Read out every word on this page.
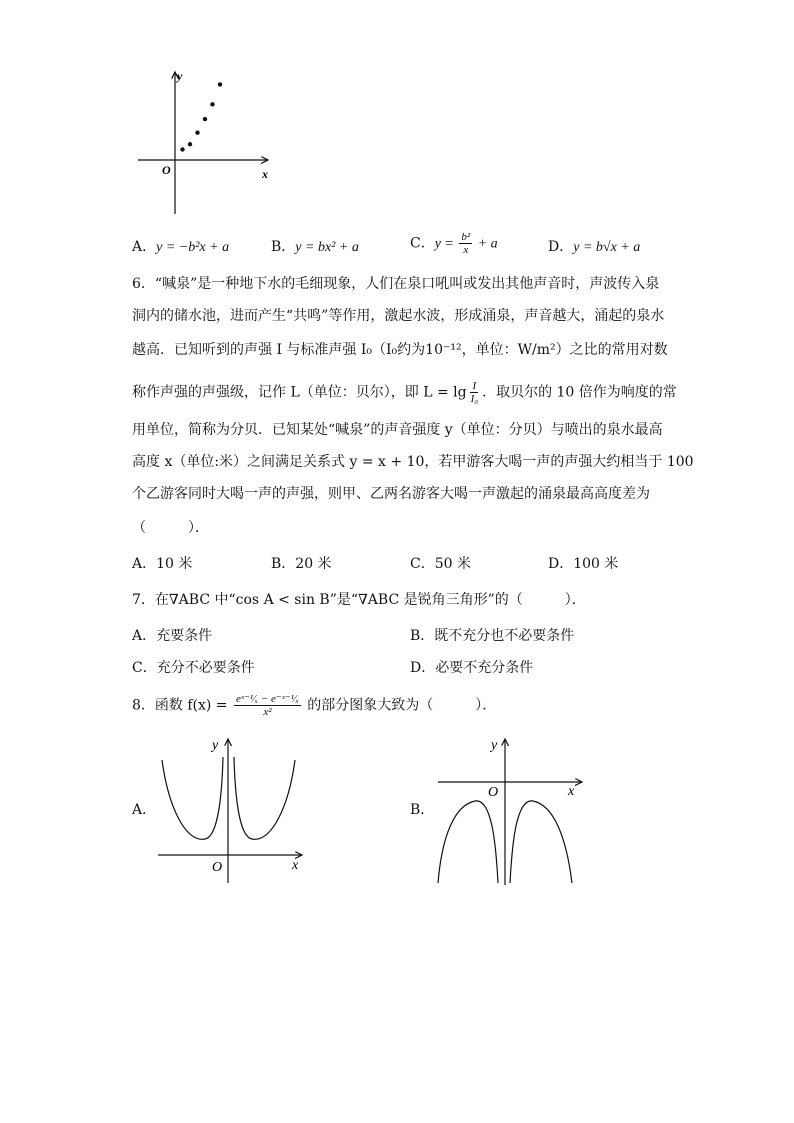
y
x
O
A．y = −b²x + a	B．y = bx² + a	C．$y = \frac{\text{b²}}{x} + a$	D．y = b√x + a
6．“喊泉”是一种地下水的毛细现象，人们在泉口吼叫或发出其他声音时，声波传入泉
洞内的储水池，进而产生“共鸣”等作用，激起水波，形成涌泉，声音越大，涌起的泉水
越高．已知听到的声强 I 与标准声强 I₀（I₀约为10⁻¹²，单位：W/m²）之比的常用对数
称作声强的声强级，记作 L（单位：贝尔），即 $L = \lg \frac{I}{\text{I₀}}$ ．取贝尔的 10 倍作为响度的常
用单位，简称为分贝．已知某处“喊泉”的声音强度 y（单位：分贝）与喷出的泉水最高
高度 x（单位:米）之间满足关系式 y = x + 10，若甲游客大喝一声的声强大约相当于 100
个乙游客同时大喝一声的声强，则甲、乙两名游客大喝一声激起的涌泉最高高度差为
（　　　）．
A．10 米	B．20 米	C．50 米	D．100 米
7．在∇ABC 中“cos A < sin B”是“∇ABC 是锐角三角形”的（　　　）．
A．充要条件	B．既不充分也不必要条件
C．充分不必要条件	D．必要不充分条件
8．函数 $f(x) = \frac{\text{eˣ⁻¹⁄ₓ − e⁻ˣ⁻¹⁄ₓ}}{\text{x²}}$ 的部分图象大致为（　　　）．
A．
y
x
O
B．
y
x
O
